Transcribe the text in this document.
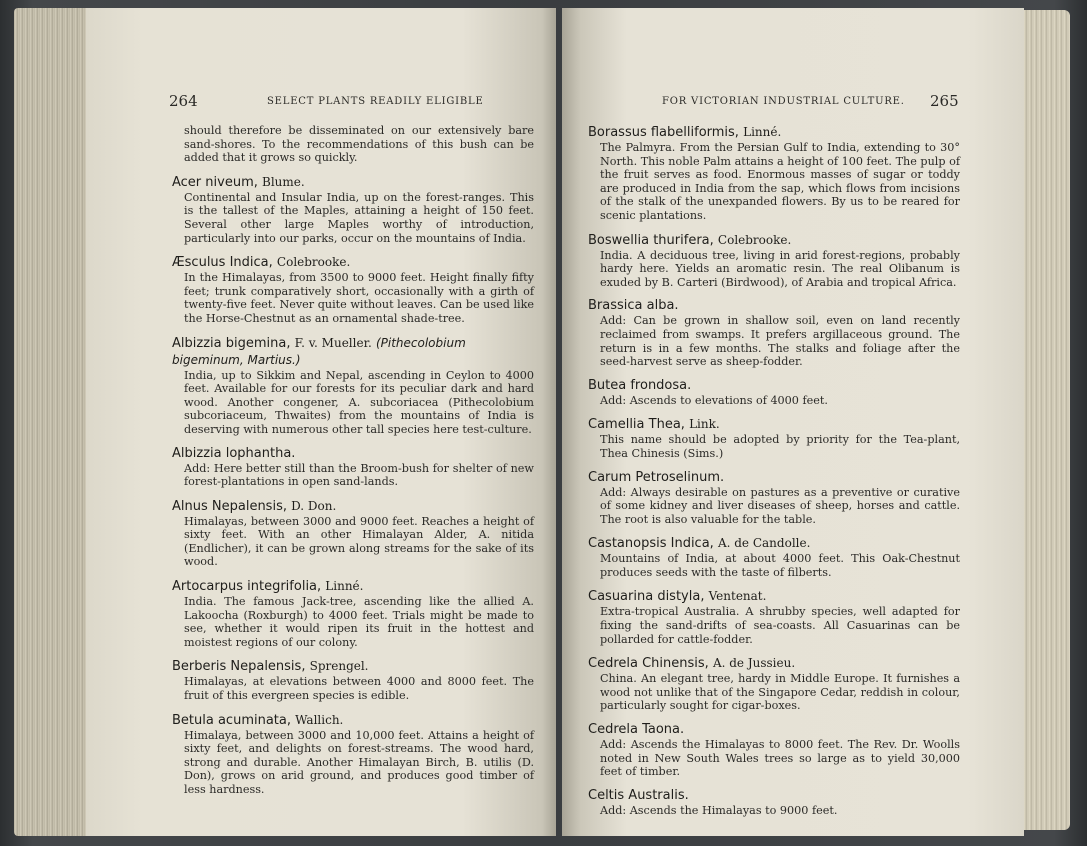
264	SELECT PLANTS READILY ELIGIBLE
should therefore be disseminated on our extensively bare sand-shores. To the recommendations of this bush can be added that it grows so quickly.
Acer niveum, Blume.
Continental and Insular India, up on the forest-ranges. This is the tallest of the Maples, attaining a height of 150 feet. Several other large Maples worthy of introduction, particularly into our parks, occur on the mountains of India.
Æsculus Indica, Colebrooke.
In the Himalayas, from 3500 to 9000 feet. Height finally fifty feet; trunk comparatively short, occasionally with a girth of twenty-five feet. Never quite without leaves. Can be used like the Horse-Chestnut as an ornamental shade-tree.
Albizzia bigemina, F. v. Mueller. (Pithecolobium bigeminum, Martius.)
India, up to Sikkim and Nepal, ascending in Ceylon to 4000 feet. Available for our forests for its peculiar dark and hard wood. Another congener, A. subcoriacea (Pithecolobium subcoriaceum, Thwaites) from the mountains of India is deserving with numerous other tall species here test-culture.
Albizzia lophantha.
Add: Here better still than the Broom-bush for shelter of new forest-plantations in open sand-lands.
Alnus Nepalensis, D. Don.
Himalayas, between 3000 and 9000 feet. Reaches a height of sixty feet. With an other Himalayan Alder, A. nitida (Endlicher), it can be grown along streams for the sake of its wood.
Artocarpus integrifolia, Linné.
India. The famous Jack-tree, ascending like the allied A. Lakoocha (Roxburgh) to 4000 feet. Trials might be made to see, whether it would ripen its fruit in the hottest and moistest regions of our colony.
Berberis Nepalensis, Sprengel.
Himalayas, at elevations between 4000 and 8000 feet. The fruit of this evergreen species is edible.
Betula acuminata, Wallich.
Himalaya, between 3000 and 10,000 feet. Attains a height of sixty feet, and delights on forest-streams. The wood hard, strong and durable. Another Himalayan Birch, B. utilis (D. Don), grows on arid ground, and produces good timber of less hardness.
FOR VICTORIAN INDUSTRIAL CULTURE. 265
Borassus flabelliformis, Linné.
The Palmyra. From the Persian Gulf to India, extending to 30° North. This noble Palm attains a height of 100 feet. The pulp of the fruit serves as food. Enormous masses of sugar or toddy are produced in India from the sap, which flows from incisions of the stalk of the unexpanded flowers. By us to be reared for scenic plantations.
Boswellia thurifera, Colebrooke.
India. A deciduous tree, living in arid forest-regions, probably hardy here. Yields an aromatic resin. The real Olibanum is exuded by B. Carteri (Birdwood), of Arabia and tropical Africa.
Brassica alba.
Add: Can be grown in shallow soil, even on land recently reclaimed from swamps. It prefers argillaceous ground. The return is in a few months. The stalks and foliage after the seed-harvest serve as sheep-fodder.
Butea frondosa.
Add: Ascends to elevations of 4000 feet.
Camellia Thea, Link.
This name should be adopted by priority for the Tea-plant, Thea Chinesis (Sims.)
Carum Petroselinum.
Add: Always desirable on pastures as a preventive or curative of some kidney and liver diseases of sheep, horses and cattle. The root is also valuable for the table.
Castanopsis Indica, A. de Candolle.
Mountains of India, at about 4000 feet. This Oak-Chestnut produces seeds with the taste of filberts.
Casuarina distyla, Ventenat.
Extra-tropical Australia. A shrubby species, well adapted for fixing the sand-drifts of sea-coasts. All Casuarinas can be pollarded for cattle-fodder.
Cedrela Chinensis, A. de Jussieu.
China. An elegant tree, hardy in Middle Europe. It furnishes a wood not unlike that of the Singapore Cedar, reddish in colour, particularly sought for cigar-boxes.
Cedrela Taona.
Add: Ascends the Himalayas to 8000 feet. The Rev. Dr. Woolls noted in New South Wales trees so large as to yield 30,000 feet of timber.
Celtis Australis.
Add: Ascends the Himalayas to 9000 feet.
